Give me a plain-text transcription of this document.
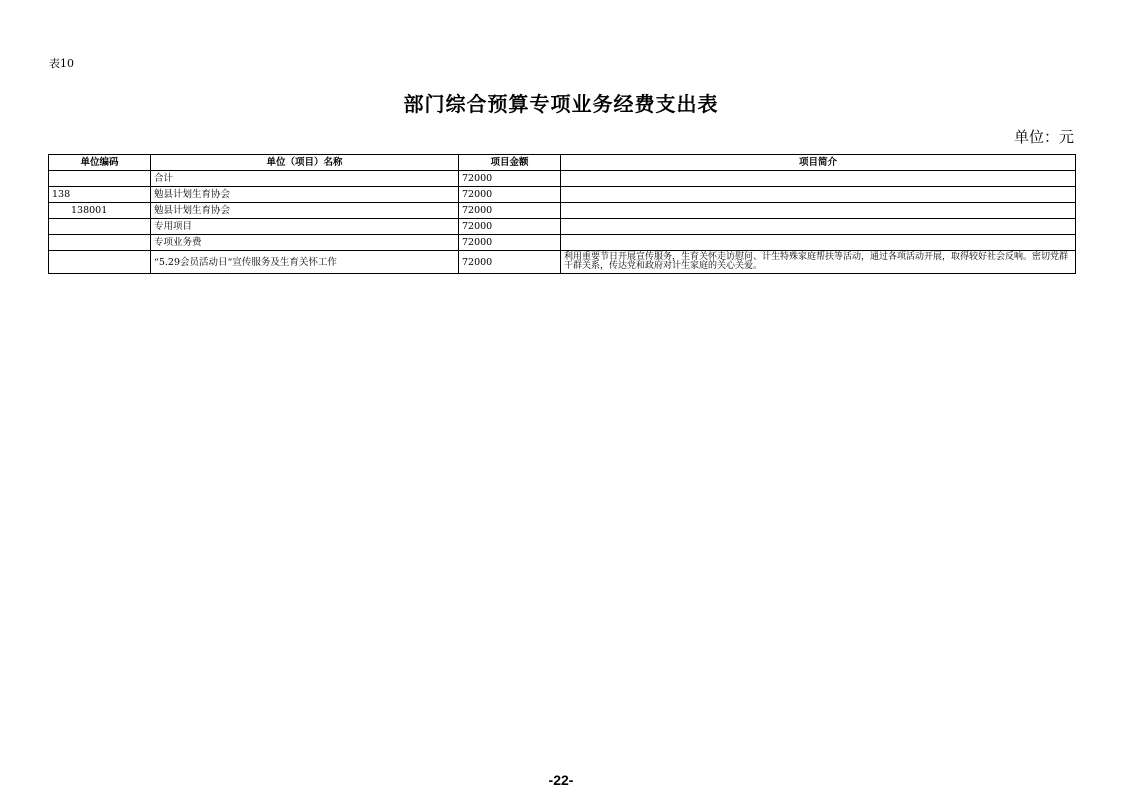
表10
部门综合预算专项业务经费支出表
单位：元
单位编码	单位（项目）名称	项目金额	项目简介
	合计	72000	
138	勉县计划生育协会	72000	
138001	勉县计划生育协会	72000	
	专用项目	72000	
	专项业务费	72000	
	“5.29会员活动日“宣传服务及生育关怀工作	72000	利用重要节日开展宣传服务，生育关怀走访慰问、计生特殊家庭帮扶等活动，通过各项活动开展，取得较好社会反响。密切党群干群关系，传达党和政府对计生家庭的关心关爱。
-22-
